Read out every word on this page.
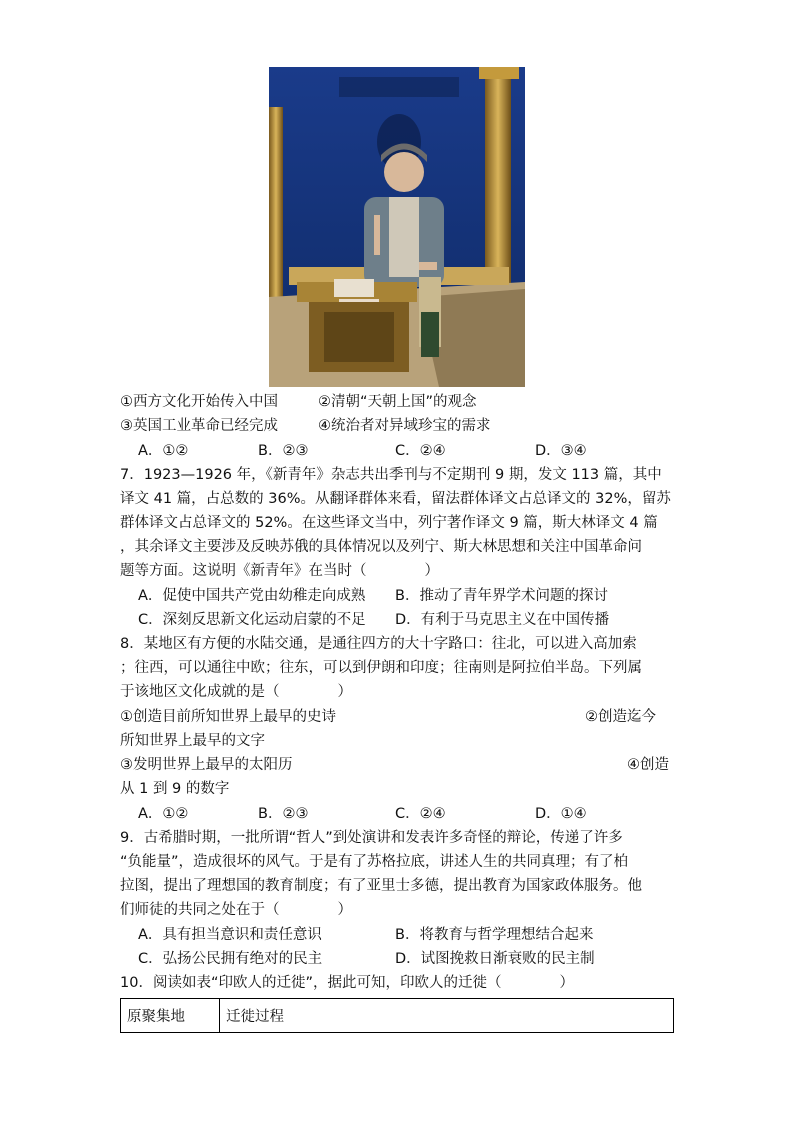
①西方文化开始传入中国	②清朝“天朝上国”的观念
③英国工业革命已经完成	④统治者对异域珍宝的需求
A．①②	B．②③	C．②④	D．③④
7．1923—1926 年，《新青年》杂志共出季刊与不定期刊 9 期，发文 113 篇，其中
译文 41 篇，占总数的 36%。从翻译群体来看，留法群体译文占总译文的 32%，留苏
群体译文占总译文的 52%。在这些译文当中，列宁著作译文 9 篇，斯大林译文 4 篇
，其余译文主要涉及反映苏俄的具体情况以及列宁、斯大林思想和关注中国革命问
题等方面。这说明《新青年》在当时（　　　　）
A．促使中国共产党由幼稚走向成熟 B．推动了青年界学术问题的探讨
C．深刻反思新文化运动启蒙的不足 D．有利于马克思主义在中国传播
8．某地区有方便的水陆交通，是通往四方的大十字路口：往北，可以进入高加索
；往西，可以通往中欧；往东，可以到伊朗和印度；往南则是阿拉伯半岛。下列属
于该地区文化成就的是（　　　　）
①创造目前所知世界上最早的史诗	②创造迄今
所知世界上最早的文字
③发明世界上最早的太阳历	④创造
从 1 到 9 的数字
A．①②	B．②③	C．②④	D．①④
9．古希腊时期，一批所谓“哲人”到处演讲和发表许多奇怪的辩论，传递了许多
“负能量”，造成很坏的风气。于是有了苏格拉底，讲述人生的共同真理；有了柏
拉图，提出了理想国的教育制度；有了亚里士多德，提出教育为国家政体服务。他
们师徒的共同之处在于（　　　　）
A．具有担当意识和责任意识	B．将教育与哲学理想结合起来
C．弘扬公民拥有绝对的民主	D．试图挽救日渐衰败的民主制
10．阅读如表“印欧人的迁徙”，据此可知，印欧人的迁徙（　　　　）
原聚集地	迁徙过程
